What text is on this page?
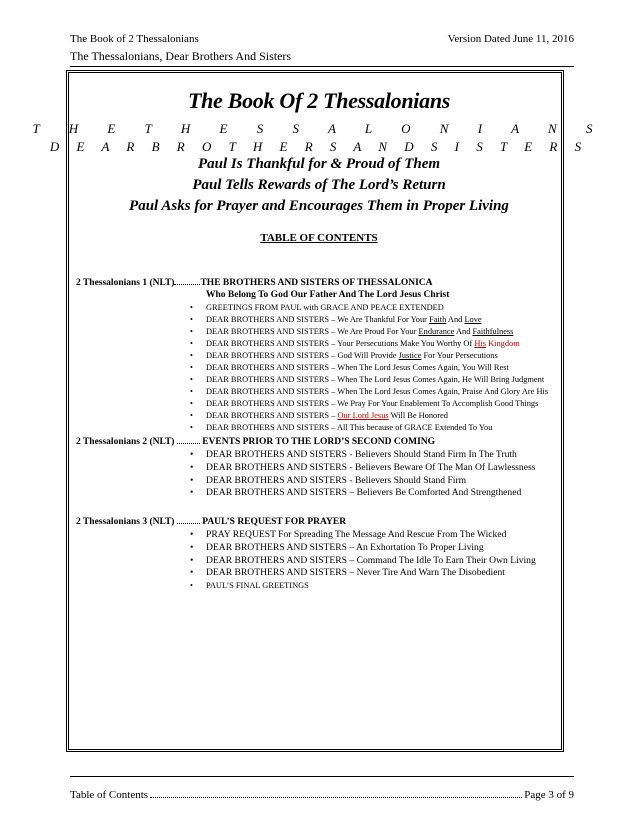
The Book of 2 Thessalonians	Version Dated June 11, 2016
The Thessalonians, Dear Brothers And Sisters
The Book Of 2 Thessalonians
T H E T H E S S A L O N I A N S
D E A R B R O T H E R S A N D S I S T E R S
Paul Is Thankful for & Proud of Them
Paul Tells Rewards of The Lord’s Return
Paul Asks for Prayer and Encourages Them in Proper Living
TABLE OF CONTENTS
2 Thessalonians 1 (NLT)	THE BROTHERS AND SISTERS OF THESSALONICA
Who Belong To God Our Father And The Lord Jesus Christ
• GREETINGS FROM PAUL with GRACE AND PEACE EXTENDED
• DEAR BROTHERS AND SISTERS – We Are Thankful For Your Faith And Love
• DEAR BROTHERS AND SISTERS – We Are Proud For Your Endurance And Faithfulness
• DEAR BROTHERS AND SISTERS – Your Persecutions Make You Worthy Of His Kingdom
• DEAR BROTHERS AND SISTERS – God Will Provide Justice For Your Persecutions
• DEAR BROTHERS AND SISTERS – When The Lord Jesus Comes Again, You Will Rest
• DEAR BROTHERS AND SISTERS – When The Lord Jesus Comes Again, He Will Bring Judgment
• DEAR BROTHERS AND SISTERS – When The Lord Jesus Comes Again, Praise And Glory Are His
• DEAR BROTHERS AND SISTERS – We Pray For Your Enablement To Accomplish Good Things
• DEAR BROTHERS AND SISTERS – Our Lord Jesus Will Be Honored
• DEAR BROTHERS AND SISTERS – All This because of GRACE Extended To You
2 Thessalonians 2 (NLT)	EVENTS PRIOR TO THE LORD’S SECOND COMING
• DEAR BROTHERS AND SISTERS - Believers Should Stand Firm In The Truth
• DEAR BROTHERS AND SISTERS - Believers Beware Of The Man Of Lawlessness
• DEAR BROTHERS AND SISTERS - Believers Should Stand Firm
• DEAR BROTHERS AND SISTERS – Believers Be Comforted And Strengthened
2 Thessalonians 3 (NLT)	PAUL’S REQUEST FOR PRAYER
• PRAY REQUEST For Spreading The Message And Rescue From The Wicked
• DEAR BROTHERS AND SISTERS – An Exhortation To Proper Living
• DEAR BROTHERS AND SISTERS – Command The Idle To Earn Their Own Living
• DEAR BROTHERS AND SISTERS – Never Tire And Warn The Disobedient
• PAUL’S FINAL GREETINGS
Table of Contents	Page 3 of 9
